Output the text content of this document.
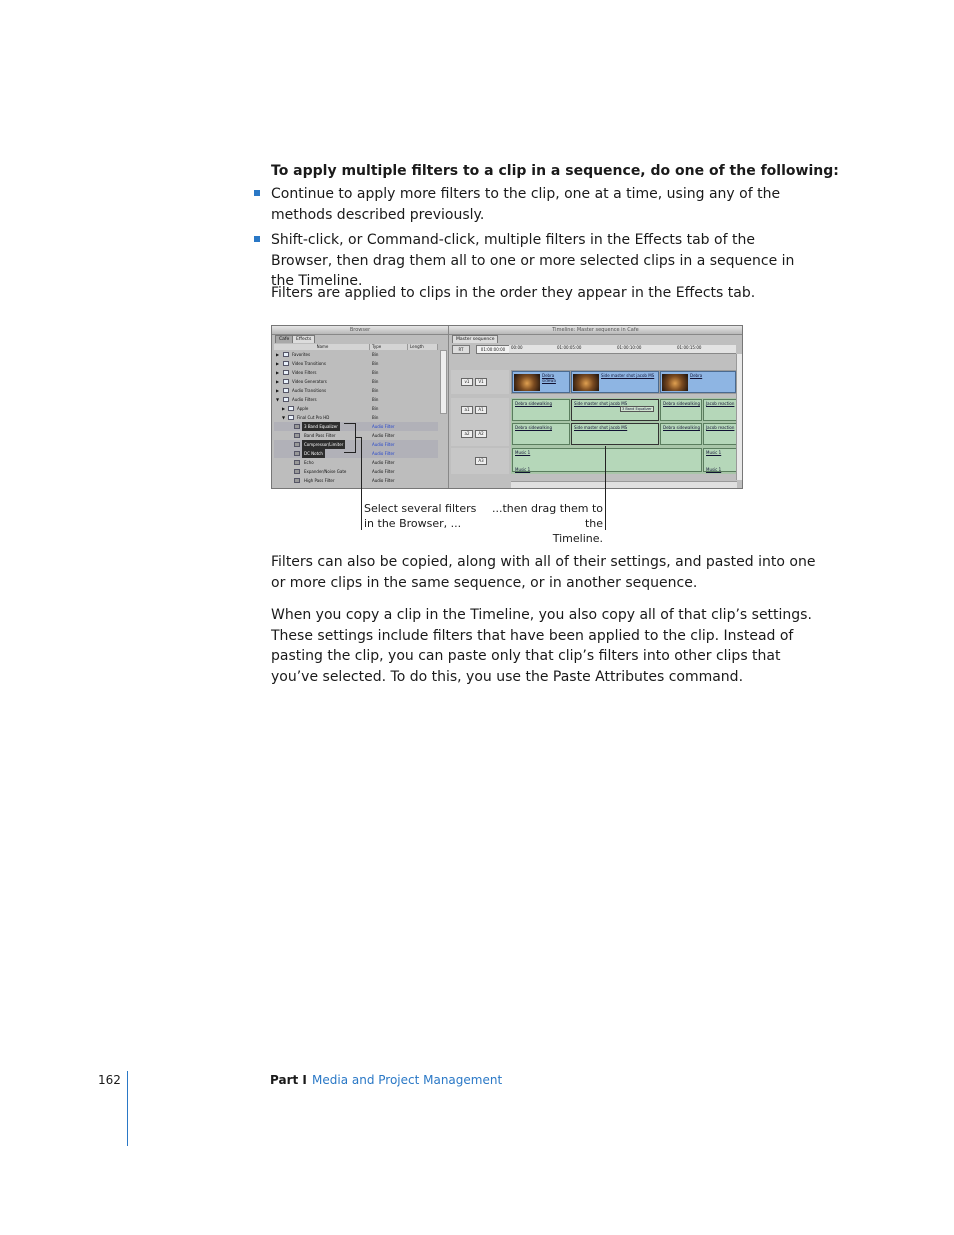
To apply multiple filters to a clip in a sequence, do one of the following:
Continue to apply more filters to the clip, one at a time, using any of the methods described previously.
Shift-click, or Command-click, multiple filters in the Effects tab of the Browser, then drag them all to one or more selected clips in a sequence in the Timeline.
Filters are applied to clips in the order they appear in the Effects tab.
Browser
Cafe	Effects
Name	Type	Length
▶	Favorites	Bin
▶	Video Transitions	Bin
▶	Video Filters	Bin
▶	Video Generators	Bin
▶	Audio Transitions	Bin
▼	Audio Filters	Bin
▶	Apple	Bin
▼	Final Cut Pro HD	Bin
3 Band Equalizer	Audio Filter
Band Pass Filter	Audio Filter
Compressor/Limiter	Audio Filter
DC Notch	Audio Filter
Echo	Audio Filter
Expander/Noise Gate	Audio Filter
High Pass Filter	Audio Filter
Timeline: Master sequence in Cafe
Master sequence
RT	01:00:00:00	00:00	01:00:05:00	01:00:10:00	01:00:15:00
v1	V1
a1	A1
a2	A2
A3
Debra sidewa
Side master shot jacob MS	Debra
Debra sidewalking	Side master shot jacob MS
3 Band Equalizer
Debra sidewalking Jacob reaction
Debra sidewalking	Side master shot jacob MS	Debra sidewalking Jacob reaction
Music 1
Music 1
Music 1
Music 1
Select several filters
in the Browser, ...
...then drag them to the
Timeline.
Filters can also be copied, along with all of their settings, and pasted into one or more clips in the same sequence, or in another sequence.
When you copy a clip in the Timeline, you also copy all of that clip’s settings. These settings include filters that have been applied to the clip. Instead of pasting the clip, you can paste only that clip’s filters into other clips that you’ve selected. To do this, you use the Paste Attributes command.
162	Part I Media and Project Management
